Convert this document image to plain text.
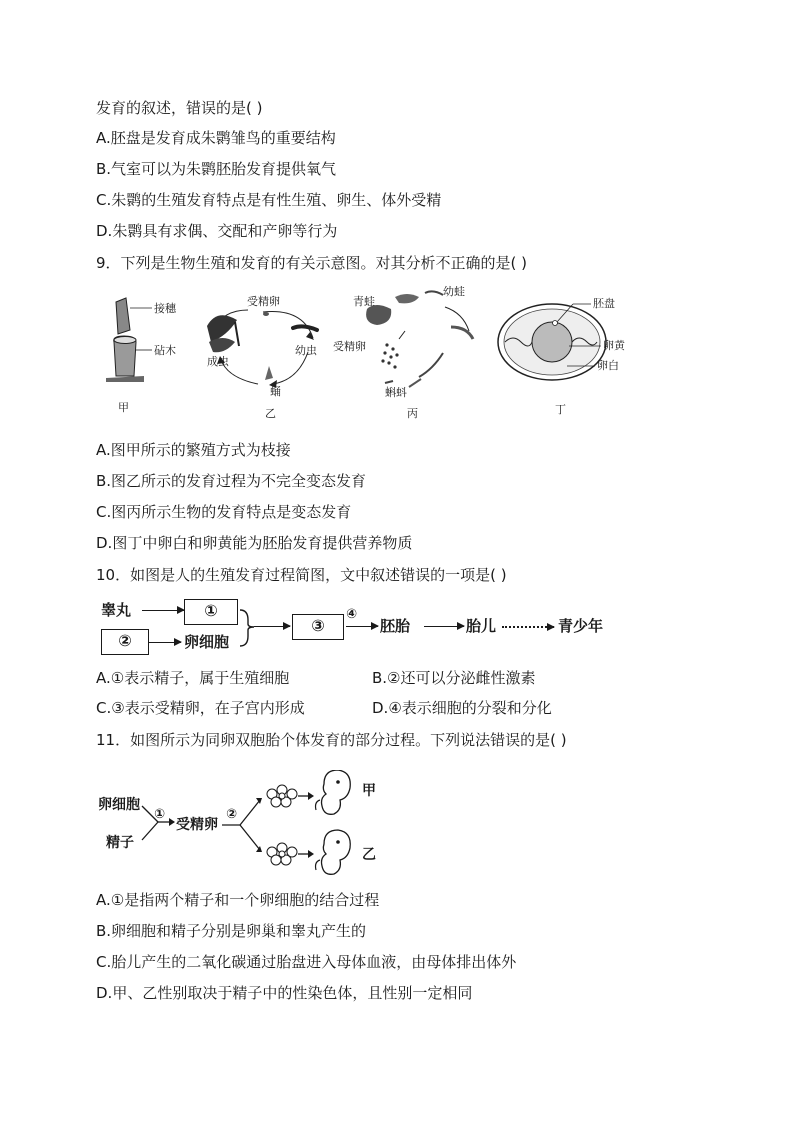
发育的叙述，错误的是( )
A.胚盘是发育成朱鹮雏鸟的重要结构
B.气室可以为朱鹮胚胎发育提供氧气
C.朱鹮的生殖发育特点是有性生殖、卵生、体外受精
D.朱鹮具有求偶、交配和产卵等行为
9．下列是生物生殖和发育的有关示意图。对其分析不正确的是( )
接穗
砧木
甲
受精卵
幼虫
蛹
成虫
乙
青蛙
幼蛙
受精卵
蝌蚪
丙
胚盘
卵黄
卵白
丁
A.图甲所示的繁殖方式为枝接
B.图乙所示的发育过程为不完全变态发育
C.图丙所示生物的发育特点是变态发育
D.图丁中卵白和卵黄能为胚胎发育提供营养物质
10．如图是人的生殖发育过程简图，文中叙述错误的一项是( )
睾丸	①
②	卵细胞
③
④
胚胎	胎儿	青少年
A.①表示精子，属于生殖细胞	B.②还可以分泌雌性激素
C.③表示受精卵，在子宫内形成	D.④表示细胞的分裂和分化
11．如图所示为同卵双胞胎个体发育的部分过程。下列说法错误的是( )
卵细胞
精子
①
受精卵
②
甲
乙
A.①是指两个精子和一个卵细胞的结合过程
B.卵细胞和精子分别是卵巢和睾丸产生的
C.胎儿产生的二氧化碳通过胎盘进入母体血液，由母体排出体外
D.甲、乙性别取决于精子中的性染色体，且性别一定相同
